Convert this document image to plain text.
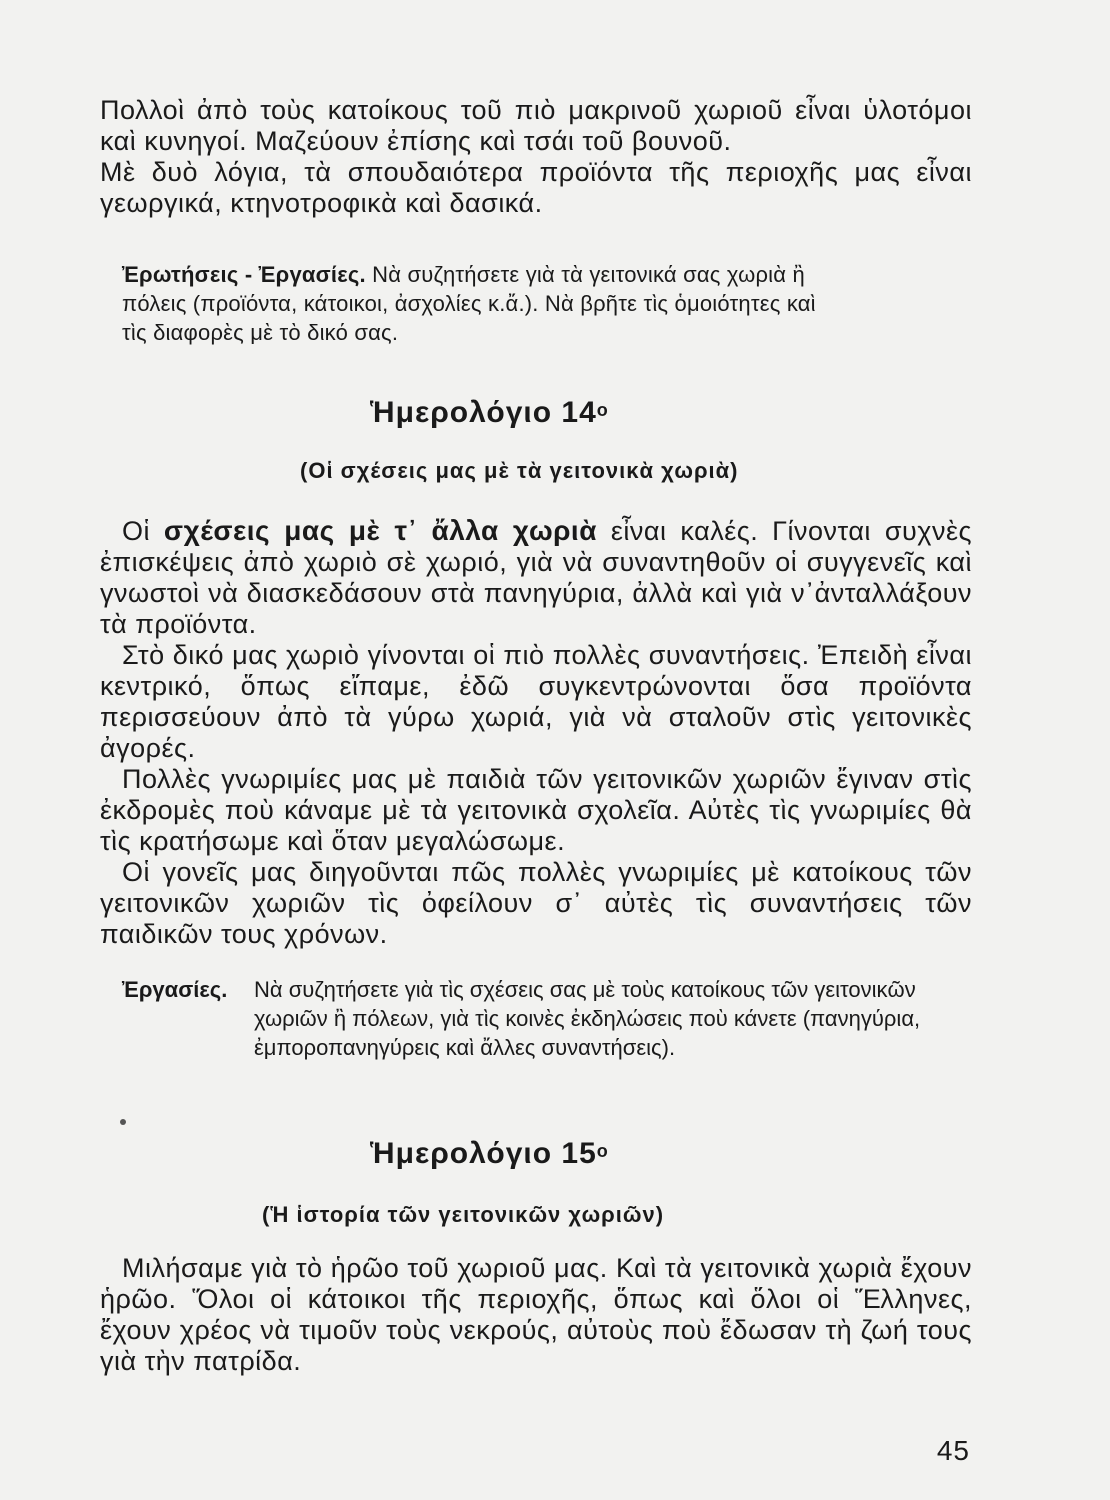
Πολλοὶ ἀπὸ τοὺς κατοίκους τοῦ πιὸ μακρινοῦ χωριοῦ εἶναι ὑλοτόμοι καὶ κυνηγοί. Μαζεύουν ἐπίσης καὶ τσάι τοῦ βουνοῦ.

Μὲ δυὸ λόγια, τὰ σπουδαιότερα προϊόντα τῆς περιοχῆς μας εἶναι γεωργικά, κτηνοτροφικὰ καὶ δασικά.

Ἐρωτήσεις - Ἐργασίες. Νὰ συζητήσετε γιὰ τὰ γειτονικά σας χωριὰ ἢ πόλεις (προϊόντα, κάτοικοι, ἀσχολίες κ.ἄ.). Νὰ βρῆτε τὶς ὁμοιότητες καὶ τὶς διαφορὲς μὲ τὸ δικό σας.
Ἡμερολόγιο $14^o$
(Οἱ σχέσεις μας μὲ τὰ γειτονικὰ χωριὰ)

Οἱ σχέσεις μας μὲ τ᾽ ἄλλα χωριὰ εἶναι καλές. Γίνονται συχνὲς ἐπισκέψεις ἀπὸ χωριὸ σὲ χωριό, γιὰ νὰ συναντηθοῦν οἱ συγγενεῖς καὶ γνωστοὶ νὰ διασκεδάσουν στὰ πανηγύρια, ἀλλὰ καὶ γιὰ ν᾽ἀνταλλάξουν τὰ προϊόντα.

Στὸ δικό μας χωριὸ γίνονται οἱ πιὸ πολλὲς συναντήσεις. Ἐπειδὴ εἶναι κεντρικό, ὅπως εἴπαμε, ἐδῶ συγκεντρώνονται ὅσα προϊόντα περισσεύουν ἀπὸ τὰ γύρω χωριά, γιὰ νὰ σταλοῦν στὶς γειτονικὲς ἀγορές.

Πολλὲς γνωριμίες μας μὲ παιδιὰ τῶν γειτονικῶν χωριῶν ἔγιναν στὶς ἐκδρομὲς ποὺ κάναμε μὲ τὰ γειτονικὰ σχολεῖα. Αὐτὲς τὶς γνωριμίες θὰ τὶς κρατήσωμε καὶ ὅταν μεγαλώσωμε.

Οἱ γονεῖς μας διηγοῦνται πῶς πολλὲς γνωριμίες μὲ κατοίκους τῶν γειτονικῶν χωριῶν τὶς ὀφείλουν σ᾽ αὐτὲς τὶς συναντήσεις τῶν παιδικῶν τους χρόνων.

Ἐργασίες. Νὰ συζητήσετε γιὰ τὶς σχέσεις σας μὲ τοὺς κατοίκους τῶν γειτονικῶν χωριῶν ἢ πόλεων, γιὰ τὶς κοινὲς ἐκδηλώσεις ποὺ κάνετε (πανηγύρια, ἐμποροπανηγύρεις καὶ ἄλλες συναντήσεις).
Ἡμερολόγιο $15^o$
(Ἡ ἱστορία τῶν γειτονικῶν χωριῶν)

Μιλήσαμε γιὰ τὸ ἡρῶο τοῦ χωριοῦ μας. Καὶ τὰ γειτονικὰ χωριὰ ἔχουν ἡρῶο. Ὅλοι οἱ κάτοικοι τῆς περιοχῆς, ὅπως καὶ ὅλοι οἱ Ἕλληνες, ἔχουν χρέος νὰ τιμοῦν τοὺς νεκρούς, αὐτοὺς ποὺ ἔδωσαν τὴ ζωή τους γιὰ τὴν πατρίδα.

45
